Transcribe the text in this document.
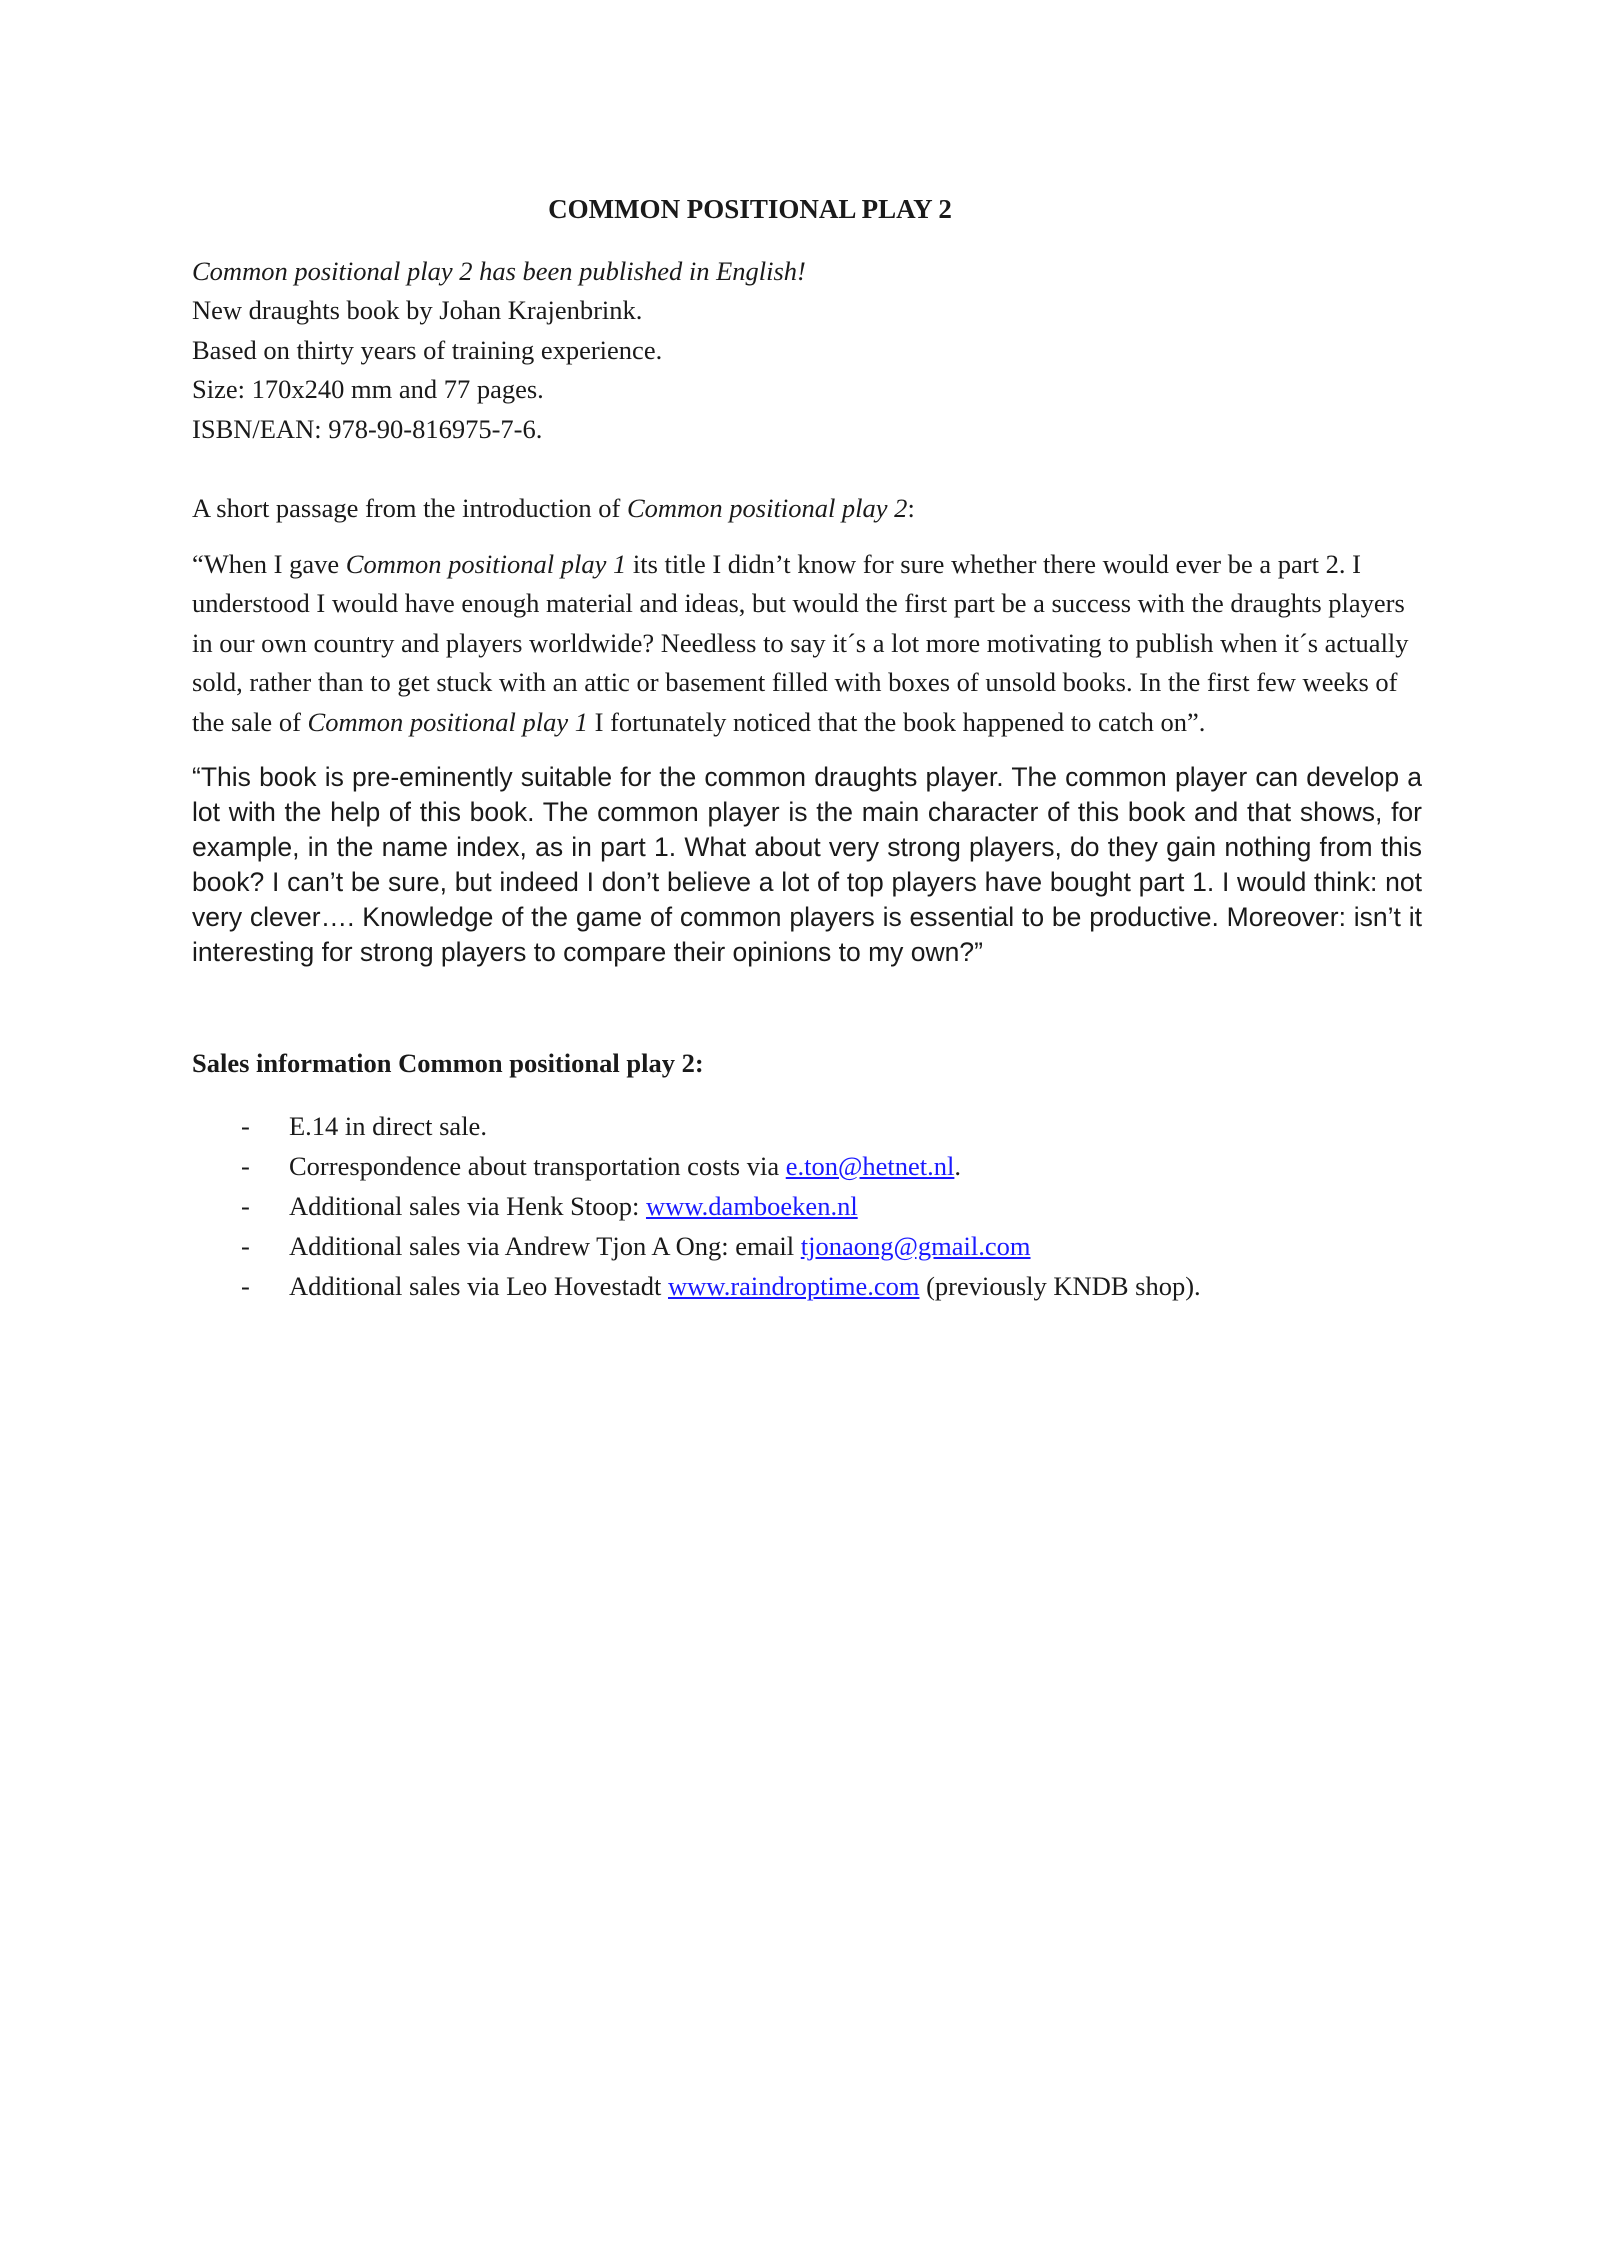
COMMON POSITIONAL PLAY 2

Common positional play 2 has been published in English!

New draughts book by Johan Krajenbrink.

Based on thirty years of training experience.

Size: 170x240 mm and 77 pages.

ISBN/EAN: 978-90-816975-7-6.

A short passage from the introduction of Common positional play 2:

“When I gave Common positional play 1 its title I didn’t know for sure whether there would ever be a part 2. I understood I would have enough material and ideas, but would the first part be a success with the draughts players in our own country and players worldwide? Needless to say it´s a lot more motivating to publish when it´s actually sold, rather than to get stuck with an attic or basement filled with boxes of unsold books. In the first few weeks of the sale of Common positional play 1 I fortunately noticed that the book happened to catch on”.

“This book is pre-eminently suitable for the common draughts player. The common player can develop a lot with the help of this book. The common player is the main character of this book and that shows, for example, in the name index, as in part 1. What about very strong players, do they gain nothing from this book? I can’t be sure, but indeed I don’t believe a lot of top players have bought part 1. I would think: not very clever…. Knowledge of the game of common players is essential to be productive. Moreover: isn’t it interesting for strong players to compare their opinions to my own?”

Sales information Common positional play 2:
- E.14 in direct sale.
- Correspondence about transportation costs via e.ton@hetnet.nl.
- Additional sales via Henk Stoop: www.damboeken.nl
- Additional sales via Andrew Tjon A Ong: email tjonaong@gmail.com
- Additional sales via Leo Hovestadt www.raindroptime.com (previously KNDB shop).
